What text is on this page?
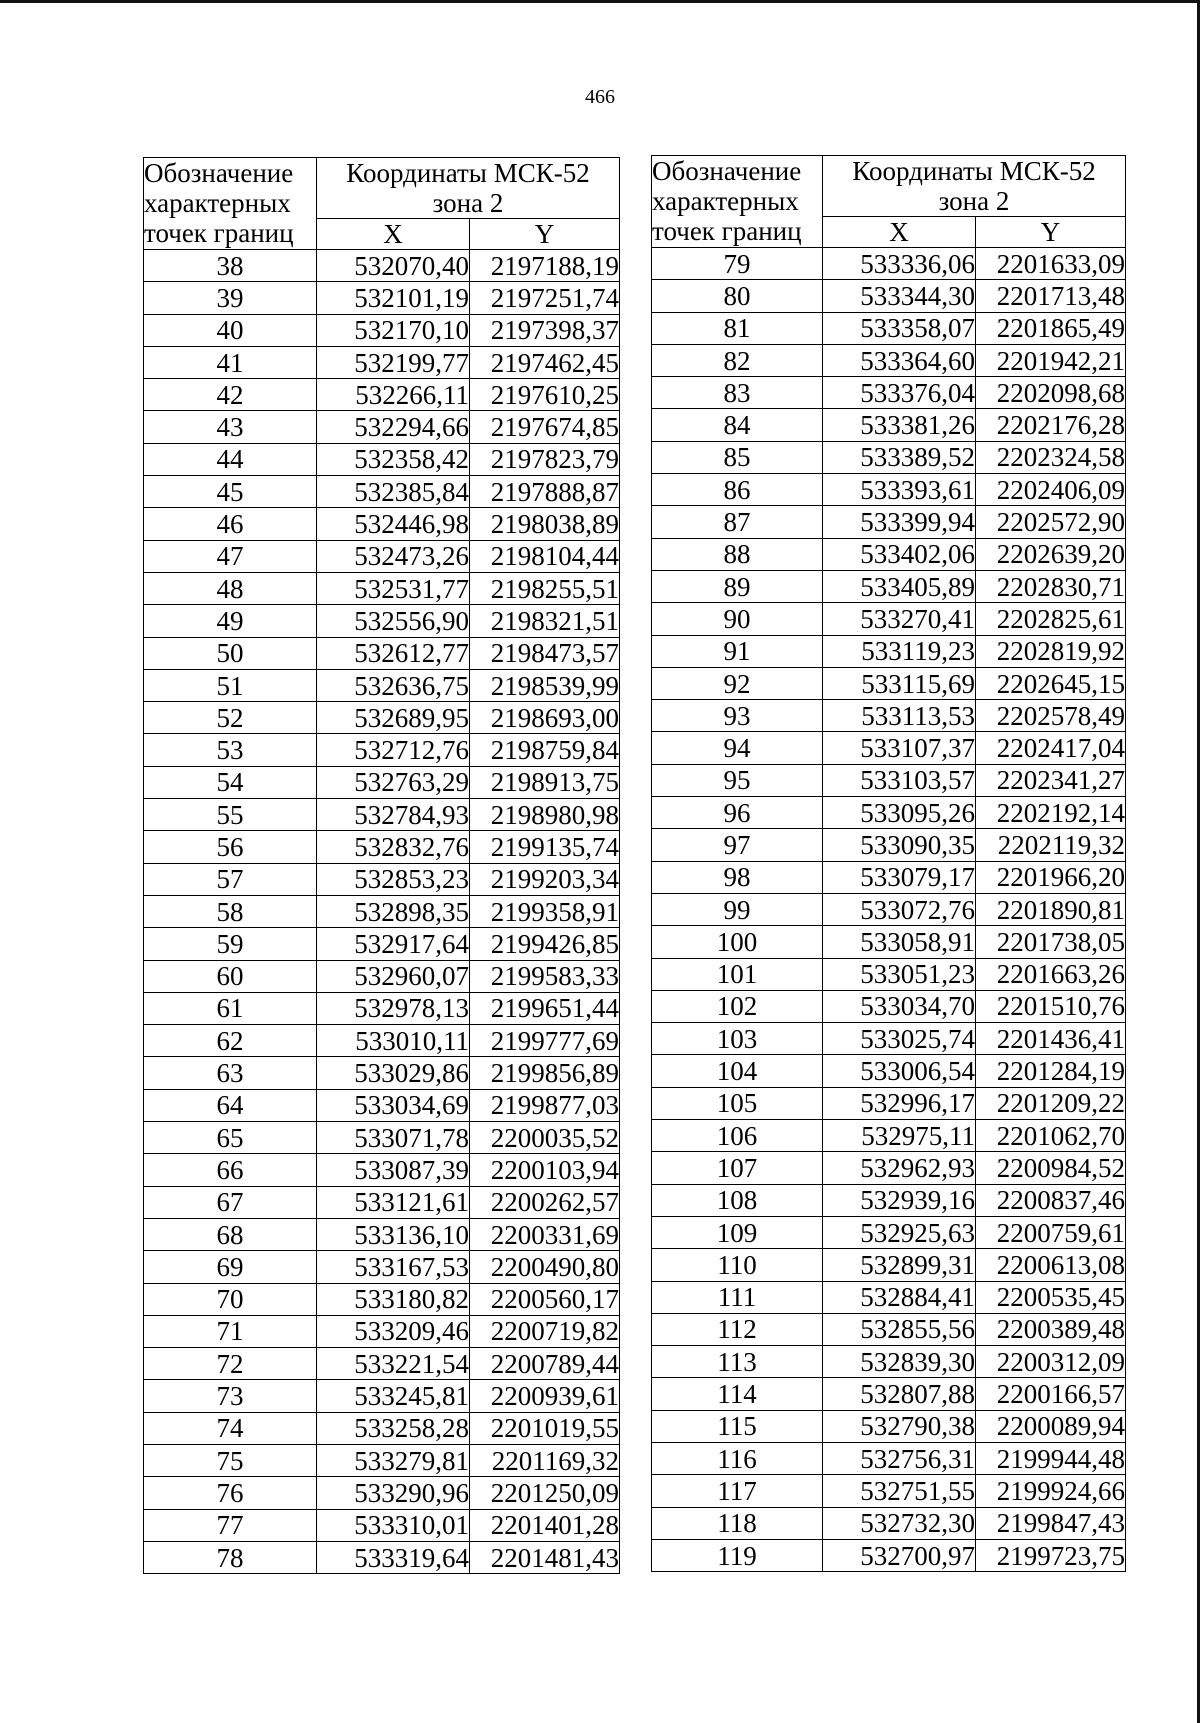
466
Обозначение
характерных
точек границ	Координаты МСК-52
зона 2	

	X	Y
38	532070,40	2197188,19
39	532101,19	2197251,74
40	532170,10	2197398,37
41	532199,77	2197462,45
42	532266,11	2197610,25
43	532294,66	2197674,85
44	532358,42	2197823,79
45	532385,84	2197888,87
46	532446,98	2198038,89
47	532473,26	2198104,44
48	532531,77	2198255,51
49	532556,90	2198321,51
50	532612,77	2198473,57
51	532636,75	2198539,99
52	532689,95	2198693,00
53	532712,76	2198759,84
54	532763,29	2198913,75
55	532784,93	2198980,98
56	532832,76	2199135,74
57	532853,23	2199203,34
58	532898,35	2199358,91
59	532917,64	2199426,85
60	532960,07	2199583,33
61	532978,13	2199651,44
62	533010,11	2199777,69
63	533029,86	2199856,89
64	533034,69	2199877,03
65	533071,78	2200035,52
66	533087,39	2200103,94
67	533121,61	2200262,57
68	533136,10	2200331,69
69	533167,53	2200490,80
70	533180,82	2200560,17
71	533209,46	2200719,82
72	533221,54	2200789,44
73	533245,81	2200939,61
74	533258,28	2201019,55
75	533279,81	2201169,32
76	533290,96	2201250,09
77	533310,01	2201401,28
78	533319,64	2201481,43
Обозначение
характерных
точек границ	Координаты МСК-52
зона 2	

	X	Y
79	533336,06	2201633,09
80	533344,30	2201713,48
81	533358,07	2201865,49
82	533364,60	2201942,21
83	533376,04	2202098,68
84	533381,26	2202176,28
85	533389,52	2202324,58
86	533393,61	2202406,09
87	533399,94	2202572,90
88	533402,06	2202639,20
89	533405,89	2202830,71
90	533270,41	2202825,61
91	533119,23	2202819,92
92	533115,69	2202645,15
93	533113,53	2202578,49
94	533107,37	2202417,04
95	533103,57	2202341,27
96	533095,26	2202192,14
97	533090,35	2202119,32
98	533079,17	2201966,20
99	533072,76	2201890,81
100	533058,91	2201738,05
101	533051,23	2201663,26
102	533034,70	2201510,76
103	533025,74	2201436,41
104	533006,54	2201284,19
105	532996,17	2201209,22
106	532975,11	2201062,70
107	532962,93	2200984,52
108	532939,16	2200837,46
109	532925,63	2200759,61
110	532899,31	2200613,08
111	532884,41	2200535,45
112	532855,56	2200389,48
113	532839,30	2200312,09
114	532807,88	2200166,57
115	532790,38	2200089,94
116	532756,31	2199944,48
117	532751,55	2199924,66
118	532732,30	2199847,43
119	532700,97	2199723,75
